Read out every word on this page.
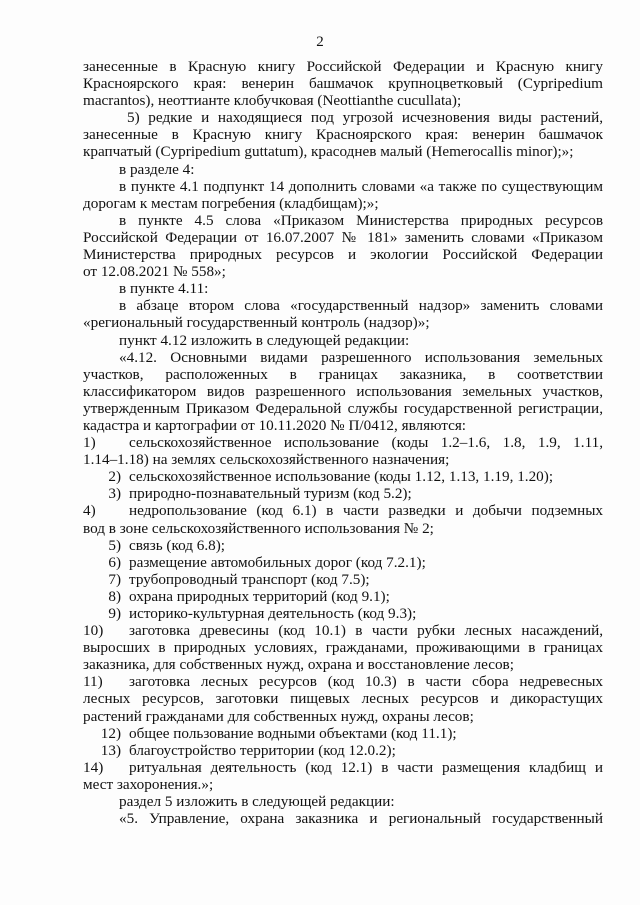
2
занесенные в Красную книгу Российской Федерации и Красную книгу
Красноярского края: венерин башмачок крупноцветковый (Cypripedium
macrantos), неоттианте клобучковая (Neottianthe cucullata);
5) редкие и находящиеся под угрозой исчезновения виды растений,
занесенные в Красную книгу Красноярского края: венерин башмачок
крапчатый (Cypripedium guttatum), красоднев малый (Hemerocallis minor);»;
в разделе 4:
в пункте 4.1 подпункт 14 дополнить словами «а также по существующим
дорогам к местам погребения (кладбищам);»;
в пункте 4.5 слова «Приказом Министерства природных ресурсов
Российской Федерации от 16.07.2007 № 181» заменить словами «Приказом
Министерства природных ресурсов и экологии Российской Федерации
от 12.08.2021 № 558»;
в пункте 4.11:
в абзаце втором слова «государственный надзор» заменить словами
«региональный государственный контроль (надзор)»;
пункт 4.12 изложить в следующей редакции:
«4.12. Основными видами разрешенного использования земельных
участков, расположенных в границах заказника, в соответствии
классификатором видов разрешенного использования земельных участков,
утвержденным Приказом Федеральной службы государственной регистрации,
кадастра и картографии от 10.11.2020 № П/0412, являются:
1) сельскохозяйственное использование (коды 1.2–1.6, 1.8, 1.9, 1.11,
1.14–1.18) на землях сельскохозяйственного назначения;
2) сельскохозяйственное использование (коды 1.12, 1.13, 1.19, 1.20);
3) природно-познавательный туризм (код 5.2);
4) недропользование (код 6.1) в части разведки и добычи подземных
вод в зоне сельскохозяйственного использования № 2;
5) связь (код 6.8);
6) размещение автомобильных дорог (код 7.2.1);
7) трубопроводный транспорт (код 7.5);
8) охрана природных территорий (код 9.1);
9) историко-культурная деятельность (код 9.3);
10) заготовка древесины (код 10.1) в части рубки лесных насаждений,
выросших в природных условиях, гражданами, проживающими в границах
заказника, для собственных нужд, охрана и восстановление лесов;
11) заготовка лесных ресурсов (код 10.3) в части сбора недревесных
лесных ресурсов, заготовки пищевых лесных ресурсов и дикорастущих
растений гражданами для собственных нужд, охраны лесов;
12) общее пользование водными объектами (код 11.1);
13) благоустройство территории (код 12.0.2);
14) ритуальная деятельность (код 12.1) в части размещения кладбищ и
мест захоронения.»;
раздел 5 изложить в следующей редакции:
«5. Управление, охрана заказника и региональный государственный
